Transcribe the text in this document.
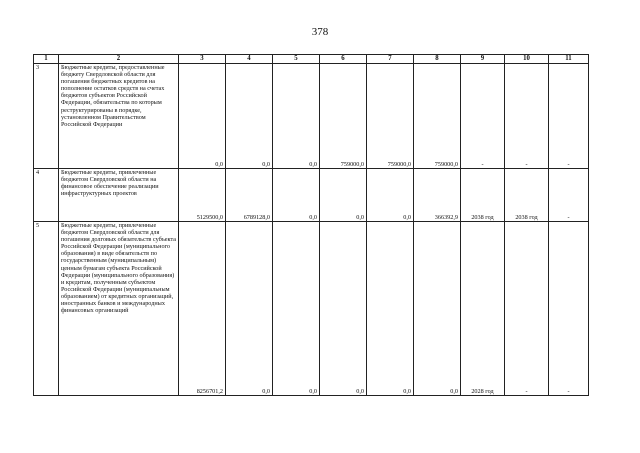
378
1	2	3	4	5	6	7	8	9	10	11
3	Бюджетные кредиты, предоставленные бюджету Свердловской области для погашения бюджетных кредитов на пополнение остатков средств на счетах бюджетов субъектов Российской Федерации, обязательства по которым реструктурированы в порядке, установленном Правительством Российской Федерации	0,0	0,0	0,0	759000,0	759000,0	759000,0	-	-	-
4	Бюджетные кредиты, привлеченные бюджетом Свердловской области на финансовое обеспечение реализации инфраструктурных проектов	5129500,0	6789128,0	0,0	0,0	0,0	366392,9	2038 год	2038 год	-
5	Бюджетные кредиты, привлеченные бюджетом Свердловской области для погашения долговых обязательств субъекта Российской Федерации (муниципального образования) в виде обязательств по государственным (муниципальным) ценным бумагам субъекта Российской Федерации (муниципального образования) и кредитам, полученным субъектом Российской Федерации (муниципальным образованием) от кредитных организаций, иностранных банков и международных финансовых организаций	8256701,2	0,0	0,0	0,0	0,0	0,0	2028 год	-	-
